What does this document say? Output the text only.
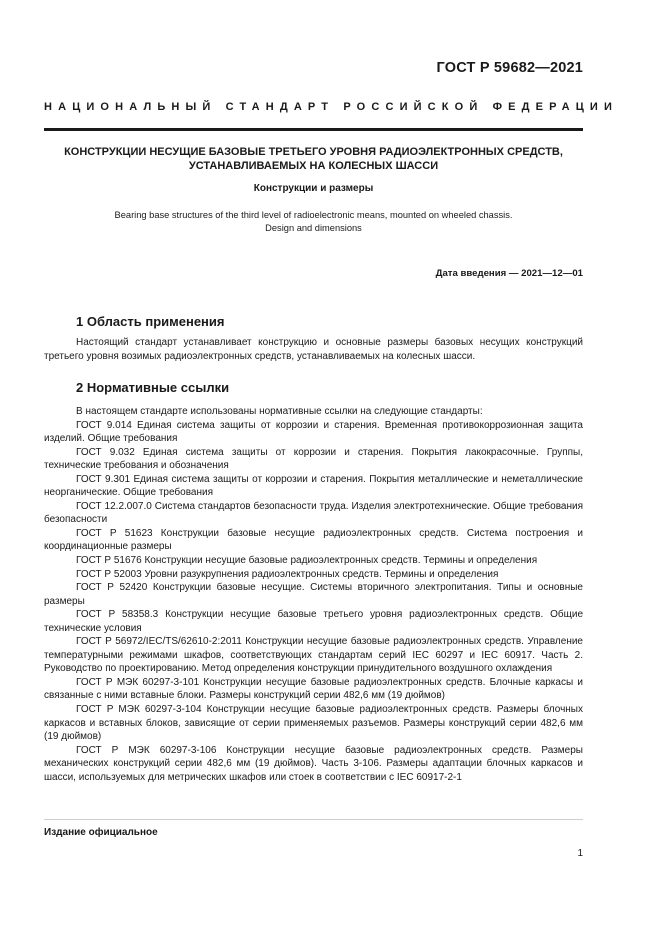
ГОСТ Р 59682—2021
НАЦИОНАЛЬНЫЙ СТАНДАРТ РОССИЙСКОЙ ФЕДЕРАЦИИ
КОНСТРУКЦИИ НЕСУЩИЕ БАЗОВЫЕ ТРЕТЬЕГО УРОВНЯ РАДИОЭЛЕКТРОННЫХ СРЕДСТВ,
УСТАНАВЛИВАЕМЫХ НА КОЛЕСНЫХ ШАССИ
Конструкции и размеры
Bearing base structures of the third level of radioelectronic means, mounted on wheeled chassis.
Design and dimensions
Дата введения — 2021—12—01
1 Область применения

Настоящий стандарт устанавливает конструкцию и основные размеры базовых несущих конструкций третьего уровня возимых радиоэлектронных средств, устанавливаемых на колесных шасси.

2 Нормативные ссылки

В настоящем стандарте использованы нормативные ссылки на следующие стандарты:

ГОСТ 9.014 Единая система защиты от коррозии и старения. Временная противокоррозионная защита изделий. Общие требования

ГОСТ 9.032 Единая система защиты от коррозии и старения. Покрытия лакокрасочные. Группы, технические требования и обозначения

ГОСТ 9.301 Единая система защиты от коррозии и старения. Покрытия металлические и неметаллические неорганические. Общие требования

ГОСТ 12.2.007.0 Система стандартов безопасности труда. Изделия электротехнические. Общие требования безопасности

ГОСТ Р 51623 Конструкции базовые несущие радиоэлектронных средств. Система построения и координационные размеры

ГОСТ Р 51676 Конструкции несущие базовые радиоэлектронных средств. Термины и определения

ГОСТ Р 52003 Уровни разукрупнения радиоэлектронных средств. Термины и определения

ГОСТ Р 52420 Конструкции базовые несущие. Системы вторичного электропитания. Типы и основные размеры

ГОСТ Р 58358.3 Конструкции несущие базовые третьего уровня радиоэлектронных средств. Общие технические условия

ГОСТ Р 56972/IEC/TS/62610-2:2011 Конструкции несущие базовые радиоэлектронных средств. Управление температурными режимами шкафов, соответствующих стандартам серий IEC 60297 и IEC 60917. Часть 2. Руководство по проектированию. Метод определения конструкции принудительного воздушного охлаждения

ГОСТ Р МЭК 60297-3-101 Конструкции несущие базовые радиоэлектронных средств. Блочные каркасы и связанные с ними вставные блоки. Размеры конструкций серии 482,6 мм (19 дюймов)

ГОСТ Р МЭК 60297-3-104 Конструкции несущие базовые радиоэлектронных средств. Размеры блочных каркасов и вставных блоков, зависящие от серии применяемых разъемов. Размеры конструкций серии 482,6 мм (19 дюймов)

ГОСТ Р МЭК 60297-3-106 Конструкции несущие базовые радиоэлектронных средств. Размеры механических конструкций серии 482,6 мм (19 дюймов). Часть 3-106. Размеры адаптации блочных каркасов и шасси, используемых для метрических шкафов или стоек в соответствии с IEC 60917-2-1

Издание официальное
1
